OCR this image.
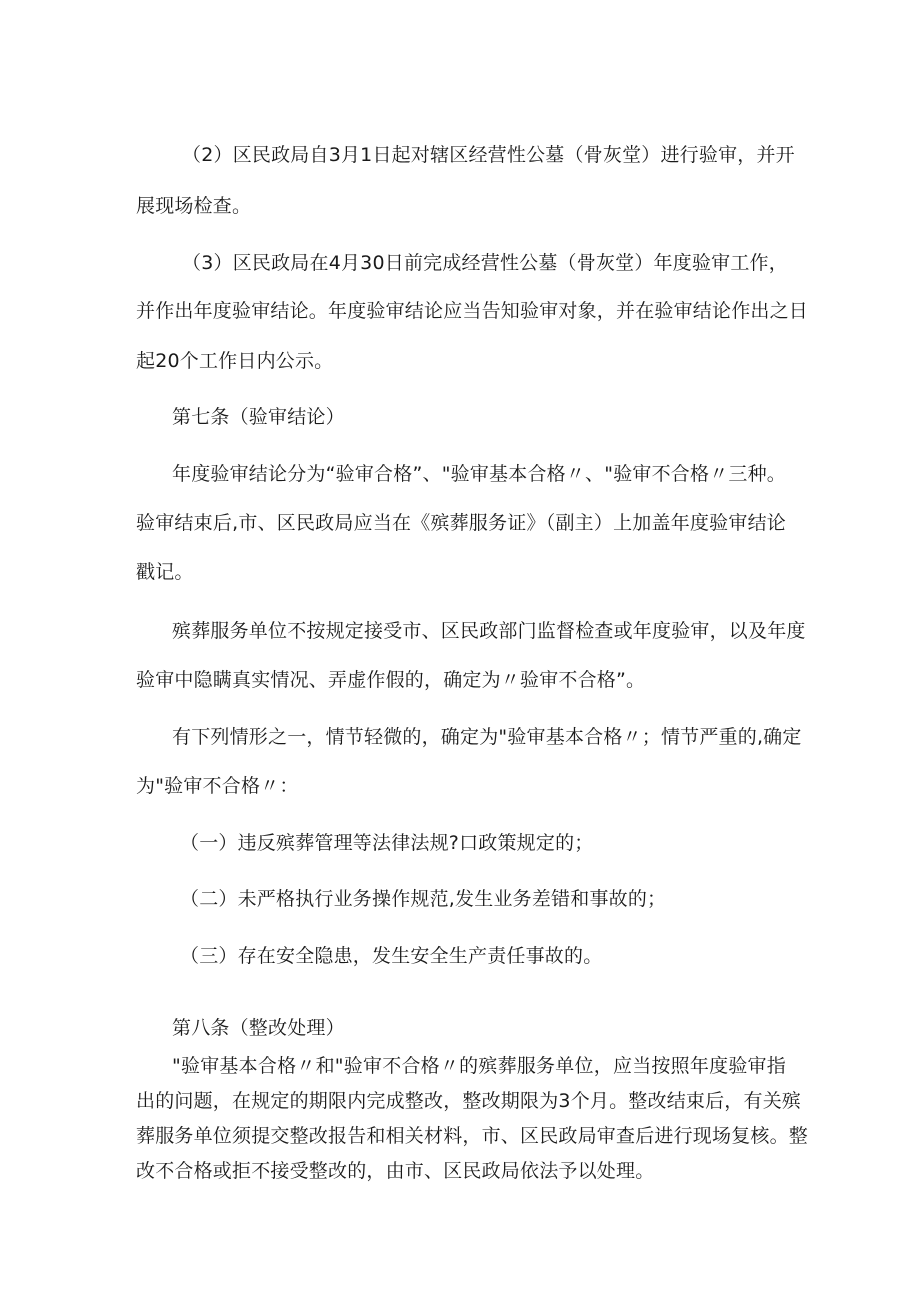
（2）区民政局自3月1日起对辖区经营性公墓（骨灰堂）进行验审，并开
展现场检查。
（3）区民政局在4月30日前完成经营性公墓（骨灰堂）年度验审工作，
并作出年度验审结论。年度验审结论应当告知验审对象，并在验审结论作出之日
起20个工作日内公示。
第七条（验审结论）
年度验审结论分为“验审合格”、"验审基本合格〃、"验审不合格〃三种。
验审结束后,市、区民政局应当在《殡葬服务证》（副主）上加盖年度验审结论
戳记。
殡葬服务单位不按规定接受市、区民政部门监督检查或年度验审，以及年度
验审中隐瞒真实情况、弄虚作假的，确定为〃验审不合格”。
有下列情形之一，情节轻微的，确定为"验审基本合格〃；情节严重的,确定
为"验审不合格〃：
（一）违反殡葬管理等法律法规?口政策规定的；
（二）未严格执行业务操作规范,发生业务差错和事故的；
（三）存在安全隐患，发生安全生产责任事故的。
第八条（整改处理）
"验审基本合格〃和"验审不合格〃的殡葬服务单位，应当按照年度验审指
出的问题，在规定的期限内完成整改，整改期限为3个月。整改结束后，有关殡
葬服务单位须提交整改报告和相关材料，市、区民政局审查后进行现场复核。整
改不合格或拒不接受整改的，由市、区民政局依法予以处理。
